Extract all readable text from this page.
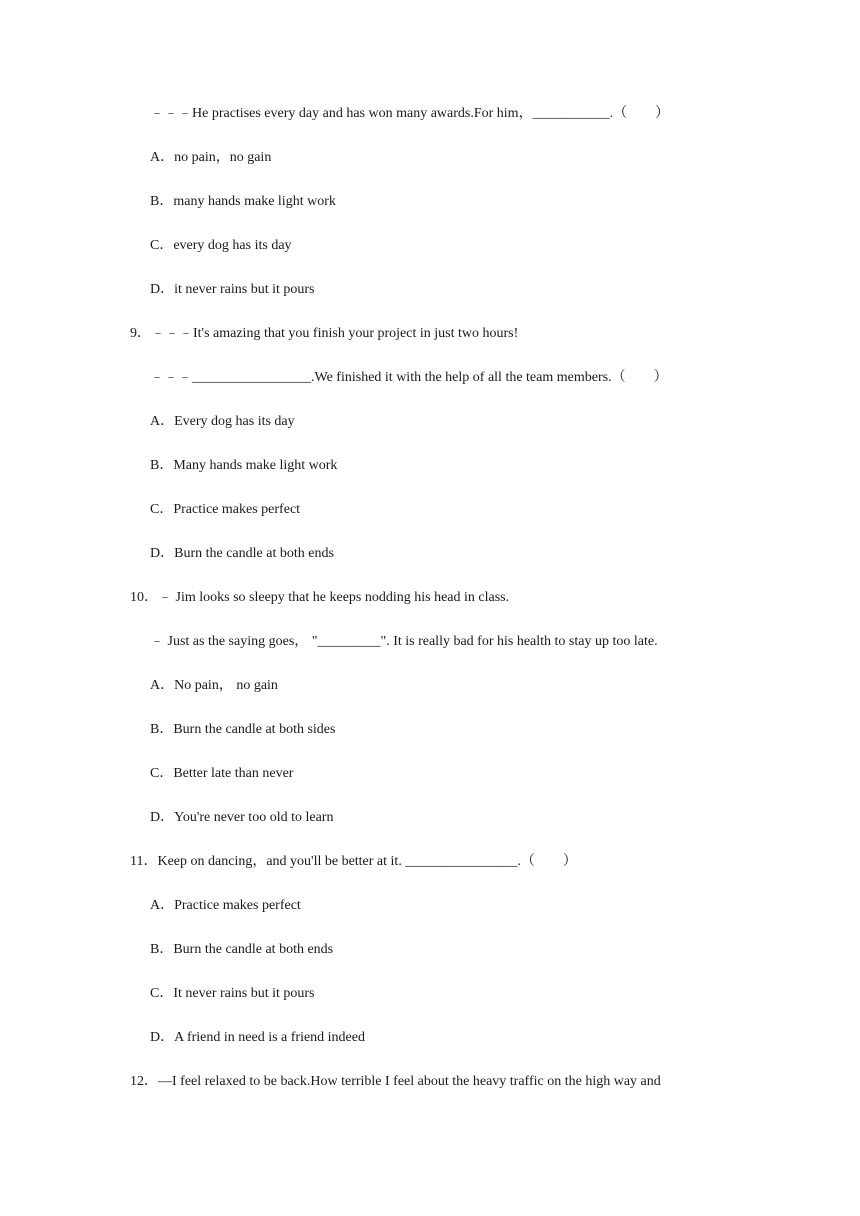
﹣﹣﹣He practises every day and has won many awards.For him，___________.（　　）
A．no pain，no gain
B．many hands make light work
C．every dog has its day
D．it never rains but it pours
9．﹣﹣﹣It's amazing that you finish your project in just two hours!
﹣﹣﹣_________________.We finished it with the help of all the team members.（　　）
A．Every dog has its day
B．Many hands make light work
C．Practice makes perfect
D．Burn the candle at both ends
10．﹣ Jim looks so sleepy that he keeps nodding his head in class.
﹣ Just as the saying goes， "_________". It is really bad for his health to stay up too late.
A．No pain， no gain
B．Burn the candle at both sides
C．Better late than never
D．You're never too old to learn
11．Keep on dancing，and you'll be better at it. ________________.（　　）
A．Practice makes perfect
B．Burn the candle at both ends
C．It never rains but it pours
D．A friend in need is a friend indeed
12．—I feel relaxed to be back.How terrible I feel about the heavy traffic on the high way and
